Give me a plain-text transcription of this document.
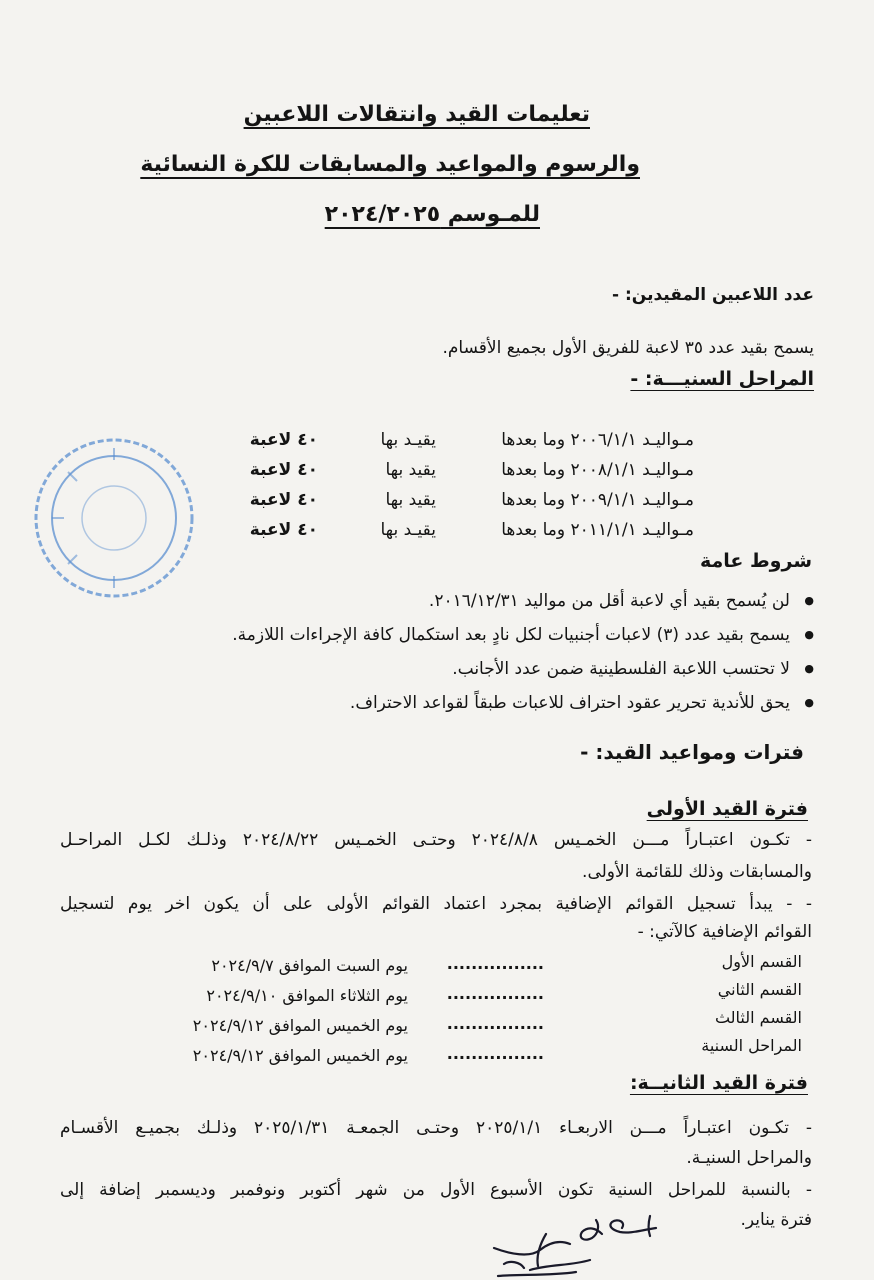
تعليمات القيد وانتقالات اللاعبين
والرسوم والمواعيد والمسابقات للكرة النسائية
للمـوسم ٢٠٢٤/٢٠٢٥
عدد اللاعبين المقيدين: -
يسمح بقيد عدد ٣٥ لاعبة للفريق الأول بجميع الأقسام.
المراحل السنيـــة: -
مـواليـد ٢٠٠٦/١/١ وما بعدها
يقيـد بها
٤٠ لاعبة
مـواليـد ٢٠٠٨/١/١ وما بعدها
يقيد بها
٤٠ لاعبة
مـواليـد ٢٠٠٩/١/١ وما بعدها
يقيد بها
٤٠ لاعبة
مـواليـد ٢٠١١/١/١ وما بعدها
يقيـد بها
٤٠ لاعبة
شروط عامة
● لن يُسمح بقيد أي لاعبة أقل من مواليد ٢٠١٦/١٢/٣١.
● يسمح بقيد عدد (٣) لاعبات أجنبيات لكل نادٍ بعد استكمال كافة الإجراءات اللازمة.
● لا تحتسب اللاعبة الفلسطينية ضمن عدد الأجانب.
● يحق للأندية تحرير عقود احتراف للاعبات طبقاً لقواعد الاحتراف.
فترات ومواعيد القيد: -
فترة القيد الأولى
- تكـون اعتبـاراً مـــن الخمـيس ٢٠٢٤/٨/٨ وحتـى الخمـيس ٢٠٢٤/٨/٢٢ وذلـك لكـل المراحـل
والمسابقات وذلك للقائمة الأولى.
- - يبدأ تسجيل القوائم الإضافية بمجرد اعتماد القوائم الأولى على أن يكون اخر يوم لتسجيل
القوائم الإضافية كالآتي: -
القسم الأول
................
يوم السبت الموافق ٢٠٢٤/٩/٧
القسم الثاني
................
يوم الثلاثاء الموافق ٢٠٢٤/٩/١٠
القسم الثالث
................
يوم الخميس الموافق ٢٠٢٤/٩/١٢
المراحل السنية
................
يوم الخميس الموافق ٢٠٢٤/٩/١٢
فترة القيد الثانيــة:
- تكـون اعتبـاراً مـــن الاربعـاء ٢٠٢٥/١/١ وحتـى الجمعـة ٢٠٢٥/١/٣١ وذلـك بجميـع الأقسـام
والمراحل السنيـة.
- بالنسبة للمراحل السنية تكون الأسبوع الأول من شهر أكتوبر ونوفمبر وديسمبر إضافة إلى
فترة يناير.
